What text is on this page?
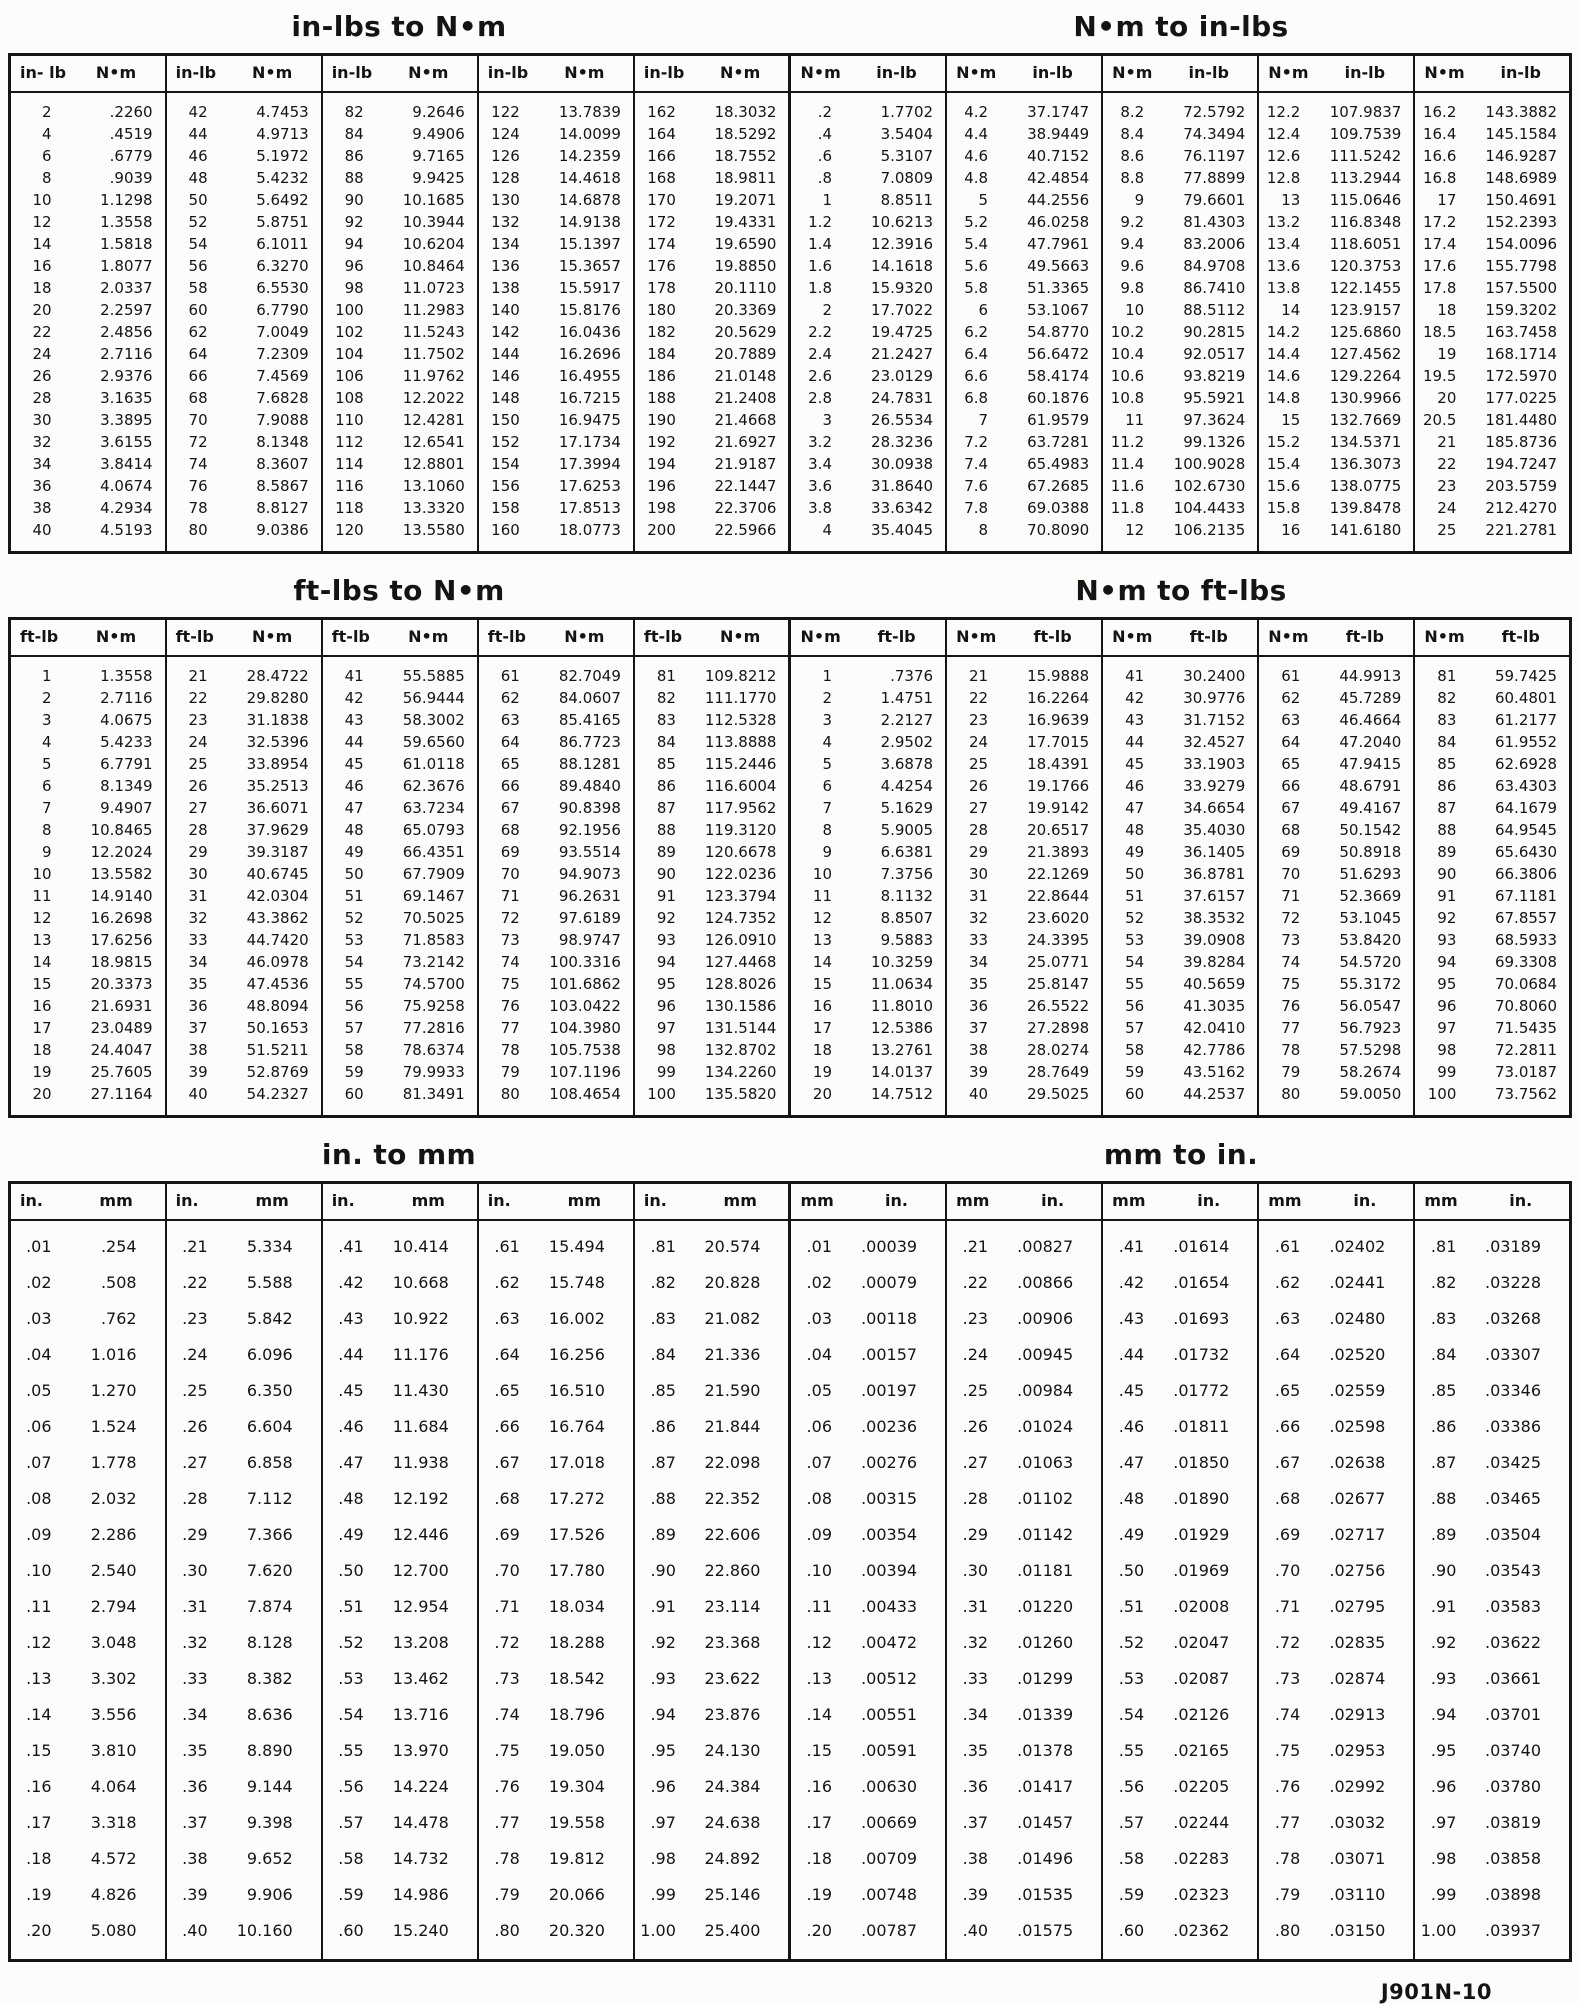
in-lbs to N•m	N•m to in-lbs
in- lb	N•m	in-lb	N•m	in-lb	N•m	in-lb	N•m	in-lb	N•m	N•m	in-lb	N•m	in-lb	N•m	in-lb	N•m	in-lb	N•m	in-lb
2	.2260	42	4.7453	82	9.2646	122	13.7839	162	18.3032	.2	1.7702	4.2	37.1747	8.2	72.5792	12.2	107.9837	16.2	143.3882
4	.4519	44	4.9713	84	9.4906	124	14.0099	164	18.5292	.4	3.5404	4.4	38.9449	8.4	74.3494	12.4	109.7539	16.4	145.1584
6	.6779	46	5.1972	86	9.7165	126	14.2359	166	18.7552	.6	5.3107	4.6	40.7152	8.6	76.1197	12.6	111.5242	16.6	146.9287
8	.9039	48	5.4232	88	9.9425	128	14.4618	168	18.9811	.8	7.0809	4.8	42.4854	8.8	77.8899	12.8	113.2944	16.8	148.6989
10	1.1298	50	5.6492	90	10.1685	130	14.6878	170	19.2071	1	8.8511	5	44.2556	9	79.6601	13	115.0646	17	150.4691
12	1.3558	52	5.8751	92	10.3944	132	14.9138	172	19.4331	1.2	10.6213	5.2	46.0258	9.2	81.4303	13.2	116.8348	17.2	152.2393
14	1.5818	54	6.1011	94	10.6204	134	15.1397	174	19.6590	1.4	12.3916	5.4	47.7961	9.4	83.2006	13.4	118.6051	17.4	154.0096
16	1.8077	56	6.3270	96	10.8464	136	15.3657	176	19.8850	1.6	14.1618	5.6	49.5663	9.6	84.9708	13.6	120.3753	17.6	155.7798
18	2.0337	58	6.5530	98	11.0723	138	15.5917	178	20.1110	1.8	15.9320	5.8	51.3365	9.8	86.7410	13.8	122.1455	17.8	157.5500
20	2.2597	60	6.7790	100	11.2983	140	15.8176	180	20.3369	2	17.7022	6	53.1067	10	88.5112	14	123.9157	18	159.3202
22	2.4856	62	7.0049	102	11.5243	142	16.0436	182	20.5629	2.2	19.4725	6.2	54.8770	10.2	90.2815	14.2	125.6860	18.5	163.7458
24	2.7116	64	7.2309	104	11.7502	144	16.2696	184	20.7889	2.4	21.2427	6.4	56.6472	10.4	92.0517	14.4	127.4562	19	168.1714
26	2.9376	66	7.4569	106	11.9762	146	16.4955	186	21.0148	2.6	23.0129	6.6	58.4174	10.6	93.8219	14.6	129.2264	19.5	172.5970
28	3.1635	68	7.6828	108	12.2022	148	16.7215	188	21.2408	2.8	24.7831	6.8	60.1876	10.8	95.5921	14.8	130.9966	20	177.0225
30	3.3895	70	7.9088	110	12.4281	150	16.9475	190	21.4668	3	26.5534	7	61.9579	11	97.3624	15	132.7669	20.5	181.4480
32	3.6155	72	8.1348	112	12.6541	152	17.1734	192	21.6927	3.2	28.3236	7.2	63.7281	11.2	99.1326	15.2	134.5371	21	185.8736
34	3.8414	74	8.3607	114	12.8801	154	17.3994	194	21.9187	3.4	30.0938	7.4	65.4983	11.4	100.9028	15.4	136.3073	22	194.7247
36	4.0674	76	8.5867	116	13.1060	156	17.6253	196	22.1447	3.6	31.8640	7.6	67.2685	11.6	102.6730	15.6	138.0775	23	203.5759
38	4.2934	78	8.8127	118	13.3320	158	17.8513	198	22.3706	3.8	33.6342	7.8	69.0388	11.8	104.4433	15.8	139.8478	24	212.4270
40	4.5193	80	9.0386	120	13.5580	160	18.0773	200	22.5966	4	35.4045	8	70.8090	12	106.2135	16	141.6180	25	221.2781
ft-lbs to N•m	N•m to ft-lbs
ft-lb	N•m	ft-lb	N•m	ft-lb	N•m	ft-lb	N•m	ft-lb	N•m	N•m	ft-lb	N•m	ft-lb	N•m	ft-lb	N•m	ft-lb	N•m	ft-lb
1	1.3558	21	28.4722	41	55.5885	61	82.7049	81	109.8212	1	.7376	21	15.9888	41	30.2400	61	44.9913	81	59.7425
2	2.7116	22	29.8280	42	56.9444	62	84.0607	82	111.1770	2	1.4751	22	16.2264	42	30.9776	62	45.7289	82	60.4801
3	4.0675	23	31.1838	43	58.3002	63	85.4165	83	112.5328	3	2.2127	23	16.9639	43	31.7152	63	46.4664	83	61.2177
4	5.4233	24	32.5396	44	59.6560	64	86.7723	84	113.8888	4	2.9502	24	17.7015	44	32.4527	64	47.2040	84	61.9552
5	6.7791	25	33.8954	45	61.0118	65	88.1281	85	115.2446	5	3.6878	25	18.4391	45	33.1903	65	47.9415	85	62.6928
6	8.1349	26	35.2513	46	62.3676	66	89.4840	86	116.6004	6	4.4254	26	19.1766	46	33.9279	66	48.6791	86	63.4303
7	9.4907	27	36.6071	47	63.7234	67	90.8398	87	117.9562	7	5.1629	27	19.9142	47	34.6654	67	49.4167	87	64.1679
8	10.8465	28	37.9629	48	65.0793	68	92.1956	88	119.3120	8	5.9005	28	20.6517	48	35.4030	68	50.1542	88	64.9545
9	12.2024	29	39.3187	49	66.4351	69	93.5514	89	120.6678	9	6.6381	29	21.3893	49	36.1405	69	50.8918	89	65.6430
10	13.5582	30	40.6745	50	67.7909	70	94.9073	90	122.0236	10	7.3756	30	22.1269	50	36.8781	70	51.6293	90	66.3806
11	14.9140	31	42.0304	51	69.1467	71	96.2631	91	123.3794	11	8.1132	31	22.8644	51	37.6157	71	52.3669	91	67.1181
12	16.2698	32	43.3862	52	70.5025	72	97.6189	92	124.7352	12	8.8507	32	23.6020	52	38.3532	72	53.1045	92	67.8557
13	17.6256	33	44.7420	53	71.8583	73	98.9747	93	126.0910	13	9.5883	33	24.3395	53	39.0908	73	53.8420	93	68.5933
14	18.9815	34	46.0978	54	73.2142	74	100.3316	94	127.4468	14	10.3259	34	25.0771	54	39.8284	74	54.5720	94	69.3308
15	20.3373	35	47.4536	55	74.5700	75	101.6862	95	128.8026	15	11.0634	35	25.8147	55	40.5659	75	55.3172	95	70.0684
16	21.6931	36	48.8094	56	75.9258	76	103.0422	96	130.1586	16	11.8010	36	26.5522	56	41.3035	76	56.0547	96	70.8060
17	23.0489	37	50.1653	57	77.2816	77	104.3980	97	131.5144	17	12.5386	37	27.2898	57	42.0410	77	56.7923	97	71.5435
18	24.4047	38	51.5211	58	78.6374	78	105.7538	98	132.8702	18	13.2761	38	28.0274	58	42.7786	78	57.5298	98	72.2811
19	25.7605	39	52.8769	59	79.9933	79	107.1196	99	134.2260	19	14.0137	39	28.7649	59	43.5162	79	58.2674	99	73.0187
20	27.1164	40	54.2327	60	81.3491	80	108.4654	100	135.5820	20	14.7512	40	29.5025	60	44.2537	80	59.0050	100	73.7562
in. to mm	mm to in.
in.	mm	in.	mm	in.	mm	in.	mm	in.	mm	mm	in.	mm	in.	mm	in.	mm	in.	mm	in.
.01	.254	.21	5.334	.41	10.414	.61	15.494	.81	20.574	.01	.00039	.21	.00827	.41	.01614	.61	.02402	.81	.03189
.02	.508	.22	5.588	.42	10.668	.62	15.748	.82	20.828	.02	.00079	.22	.00866	.42	.01654	.62	.02441	.82	.03228
.03	.762	.23	5.842	.43	10.922	.63	16.002	.83	21.082	.03	.00118	.23	.00906	.43	.01693	.63	.02480	.83	.03268
.04	1.016	.24	6.096	.44	11.176	.64	16.256	.84	21.336	.04	.00157	.24	.00945	.44	.01732	.64	.02520	.84	.03307
.05	1.270	.25	6.350	.45	11.430	.65	16.510	.85	21.590	.05	.00197	.25	.00984	.45	.01772	.65	.02559	.85	.03346
.06	1.524	.26	6.604	.46	11.684	.66	16.764	.86	21.844	.06	.00236	.26	.01024	.46	.01811	.66	.02598	.86	.03386
.07	1.778	.27	6.858	.47	11.938	.67	17.018	.87	22.098	.07	.00276	.27	.01063	.47	.01850	.67	.02638	.87	.03425
.08	2.032	.28	7.112	.48	12.192	.68	17.272	.88	22.352	.08	.00315	.28	.01102	.48	.01890	.68	.02677	.88	.03465
.09	2.286	.29	7.366	.49	12.446	.69	17.526	.89	22.606	.09	.00354	.29	.01142	.49	.01929	.69	.02717	.89	.03504
.10	2.540	.30	7.620	.50	12.700	.70	17.780	.90	22.860	.10	.00394	.30	.01181	.50	.01969	.70	.02756	.90	.03543
.11	2.794	.31	7.874	.51	12.954	.71	18.034	.91	23.114	.11	.00433	.31	.01220	.51	.02008	.71	.02795	.91	.03583
.12	3.048	.32	8.128	.52	13.208	.72	18.288	.92	23.368	.12	.00472	.32	.01260	.52	.02047	.72	.02835	.92	.03622
.13	3.302	.33	8.382	.53	13.462	.73	18.542	.93	23.622	.13	.00512	.33	.01299	.53	.02087	.73	.02874	.93	.03661
.14	3.556	.34	8.636	.54	13.716	.74	18.796	.94	23.876	.14	.00551	.34	.01339	.54	.02126	.74	.02913	.94	.03701
.15	3.810	.35	8.890	.55	13.970	.75	19.050	.95	24.130	.15	.00591	.35	.01378	.55	.02165	.75	.02953	.95	.03740
.16	4.064	.36	9.144	.56	14.224	.76	19.304	.96	24.384	.16	.00630	.36	.01417	.56	.02205	.76	.02992	.96	.03780
.17	3.318	.37	9.398	.57	14.478	.77	19.558	.97	24.638	.17	.00669	.37	.01457	.57	.02244	.77	.03032	.97	.03819
.18	4.572	.38	9.652	.58	14.732	.78	19.812	.98	24.892	.18	.00709	.38	.01496	.58	.02283	.78	.03071	.98	.03858
.19	4.826	.39	9.906	.59	14.986	.79	20.066	.99	25.146	.19	.00748	.39	.01535	.59	.02323	.79	.03110	.99	.03898
.20	5.080	.40	10.160	.60	15.240	.80	20.320	1.00	25.400	.20	.00787	.40	.01575	.60	.02362	.80	.03150	1.00	.03937
J901N-10
